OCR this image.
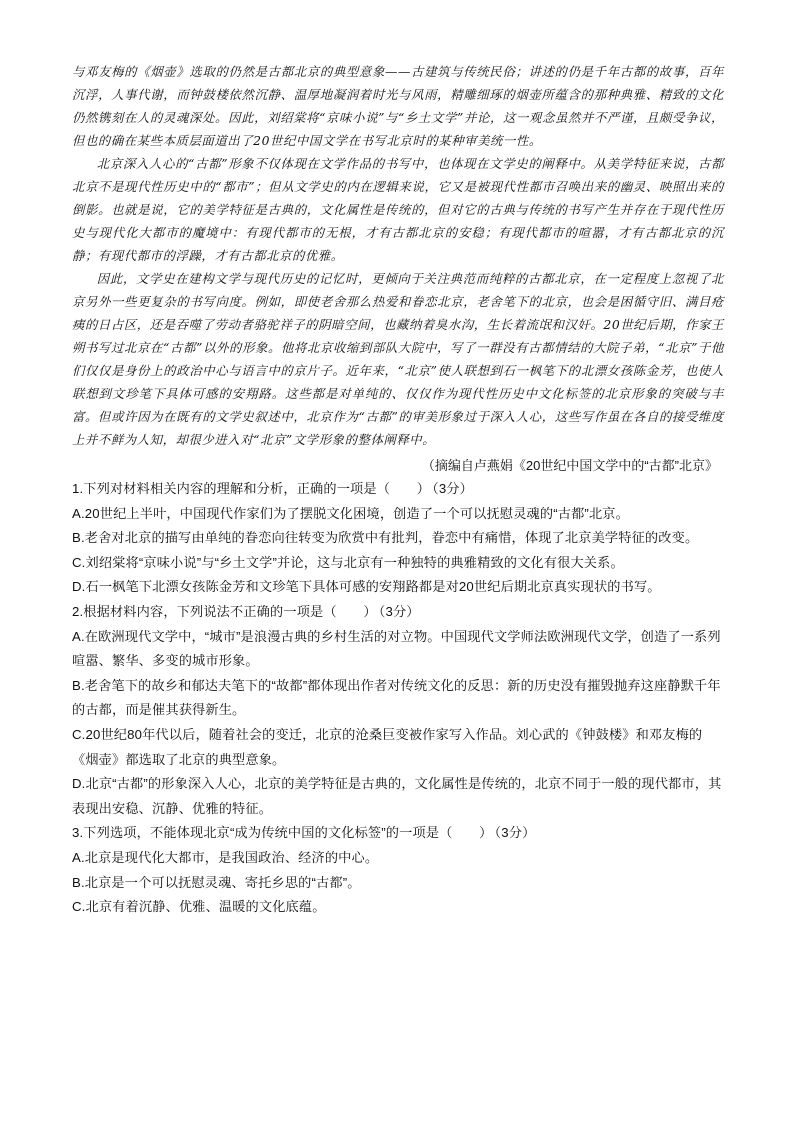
与邓友梅的《烟壶》选取的仍然是古都北京的典型意象——古建筑与传统民俗；讲述的仍是千年古都的故事，百年沉浮，人事代谢，而钟鼓楼依然沉静、温厚地凝润着时光与风雨，精雕细琢的烟壶所蕴含的那种典雅、精致的文化仍然镌刻在人的灵魂深处。因此，刘绍棠将“京味小说”与“乡土文学”并论，这一观念虽然并不严谨，且颇受争议，但也的确在某些本质层面道出了20世纪中国文学在书写北京时的某种审美统一性。

北京深入人心的“古都”形象不仅体现在文学作品的书写中，也体现在文学史的阐释中。从美学特征来说，古都北京不是现代性历史中的“都市”；但从文学史的内在逻辑来说，它又是被现代性都市召唤出来的幽灵、映照出来的倒影。也就是说，它的美学特征是古典的，文化属性是传统的，但对它的古典与传统的书写产生并存在于现代性历史与现代化大都市的魔境中：有现代都市的无根，才有古都北京的安稳；有现代都市的喧嚣，才有古都北京的沉静；有现代都市的浮躁，才有古都北京的优雅。

因此，文学史在建构文学与现代历史的记忆时，更倾向于关注典范而纯粹的古都北京，在一定程度上忽视了北京另外一些更复杂的书写向度。例如，即使老舍那么热爱和眷恋北京，老舍笔下的北京，也会是困循守旧、满目疮痍的日占区，还是吞噬了劳动者骆驼祥子的阴暗空间，也藏纳着臭水沟，生长着流氓和汉奸。20世纪后期，作家王朔书写过北京在“古都”以外的形象。他将北京收缩到部队大院中，写了一群没有古都情结的大院子弟，“北京”于他们仅仅是身份上的政治中心与语言中的京片子。近年来，“北京”使人联想到石一枫笔下的北漂女孩陈金芳，也使人联想到文珍笔下具体可感的安翔路。这些都是对单纯的、仅仅作为现代性历史中文化标签的北京形象的突破与丰富。但或许因为在既有的文学史叙述中，北京作为“古都”的审美形象过于深入人心，这些写作虽在各自的接受维度上并不鲜为人知，却很少进入对“北京”文学形象的整体阐释中。

（摘编自卢燕娟《20世纪中国文学中的“古都”北京》

1.下列对材料相关内容的理解和分析，正确的一项是（　　） （3分）

A.20世纪上半叶，中国现代作家们为了摆脱文化困境，创造了一个可以抚慰灵魂的“古都”北京。

B.老舍对北京的描写由单纯的眷恋向往转变为欣赏中有批判，眷恋中有痛惜，体现了北京美学特征的改变。

C.刘绍棠将“京味小说”与“乡土文学”并论，这与北京有一种独特的典雅精致的文化有很大关系。

D.石一枫笔下北漂女孩陈金芳和文珍笔下具体可感的安翔路都是对20世纪后期北京真实现状的书写。

2.根据材料内容，下列说法不正确的一项是（　　） （3分）

A.在欧洲现代文学中，“城市”是浪漫古典的乡村生活的对立物。中国现代文学师法欧洲现代文学，创造了一系列喧嚣、繁华、多变的城市形象。

B.老舍笔下的故乡和郁达夫笔下的“故都”都体现出作者对传统文化的反思：新的历史没有摧毁抛弃这座静默千年的古都，而是催其获得新生。

C.20世纪80年代以后，随着社会的变迁，北京的沧桑巨变被作家写入作品。刘心武的《钟鼓楼》和邓友梅的《烟壶》都选取了北京的典型意象。

D.北京“古都”的形象深入人心，北京的美学特征是古典的，文化属性是传统的，北京不同于一般的现代都市，其表现出安稳、沉静、优雅的特征。

3.下列选项，不能体现北京“成为传统中国的文化标签”的一项是（　　） （3分）

A.北京是现代化大都市，是我国政治、经济的中心。

B.北京是一个可以抚慰灵魂、寄托乡思的“古都”。

C.北京有着沉静、优雅、温暖的文化底蕴。
